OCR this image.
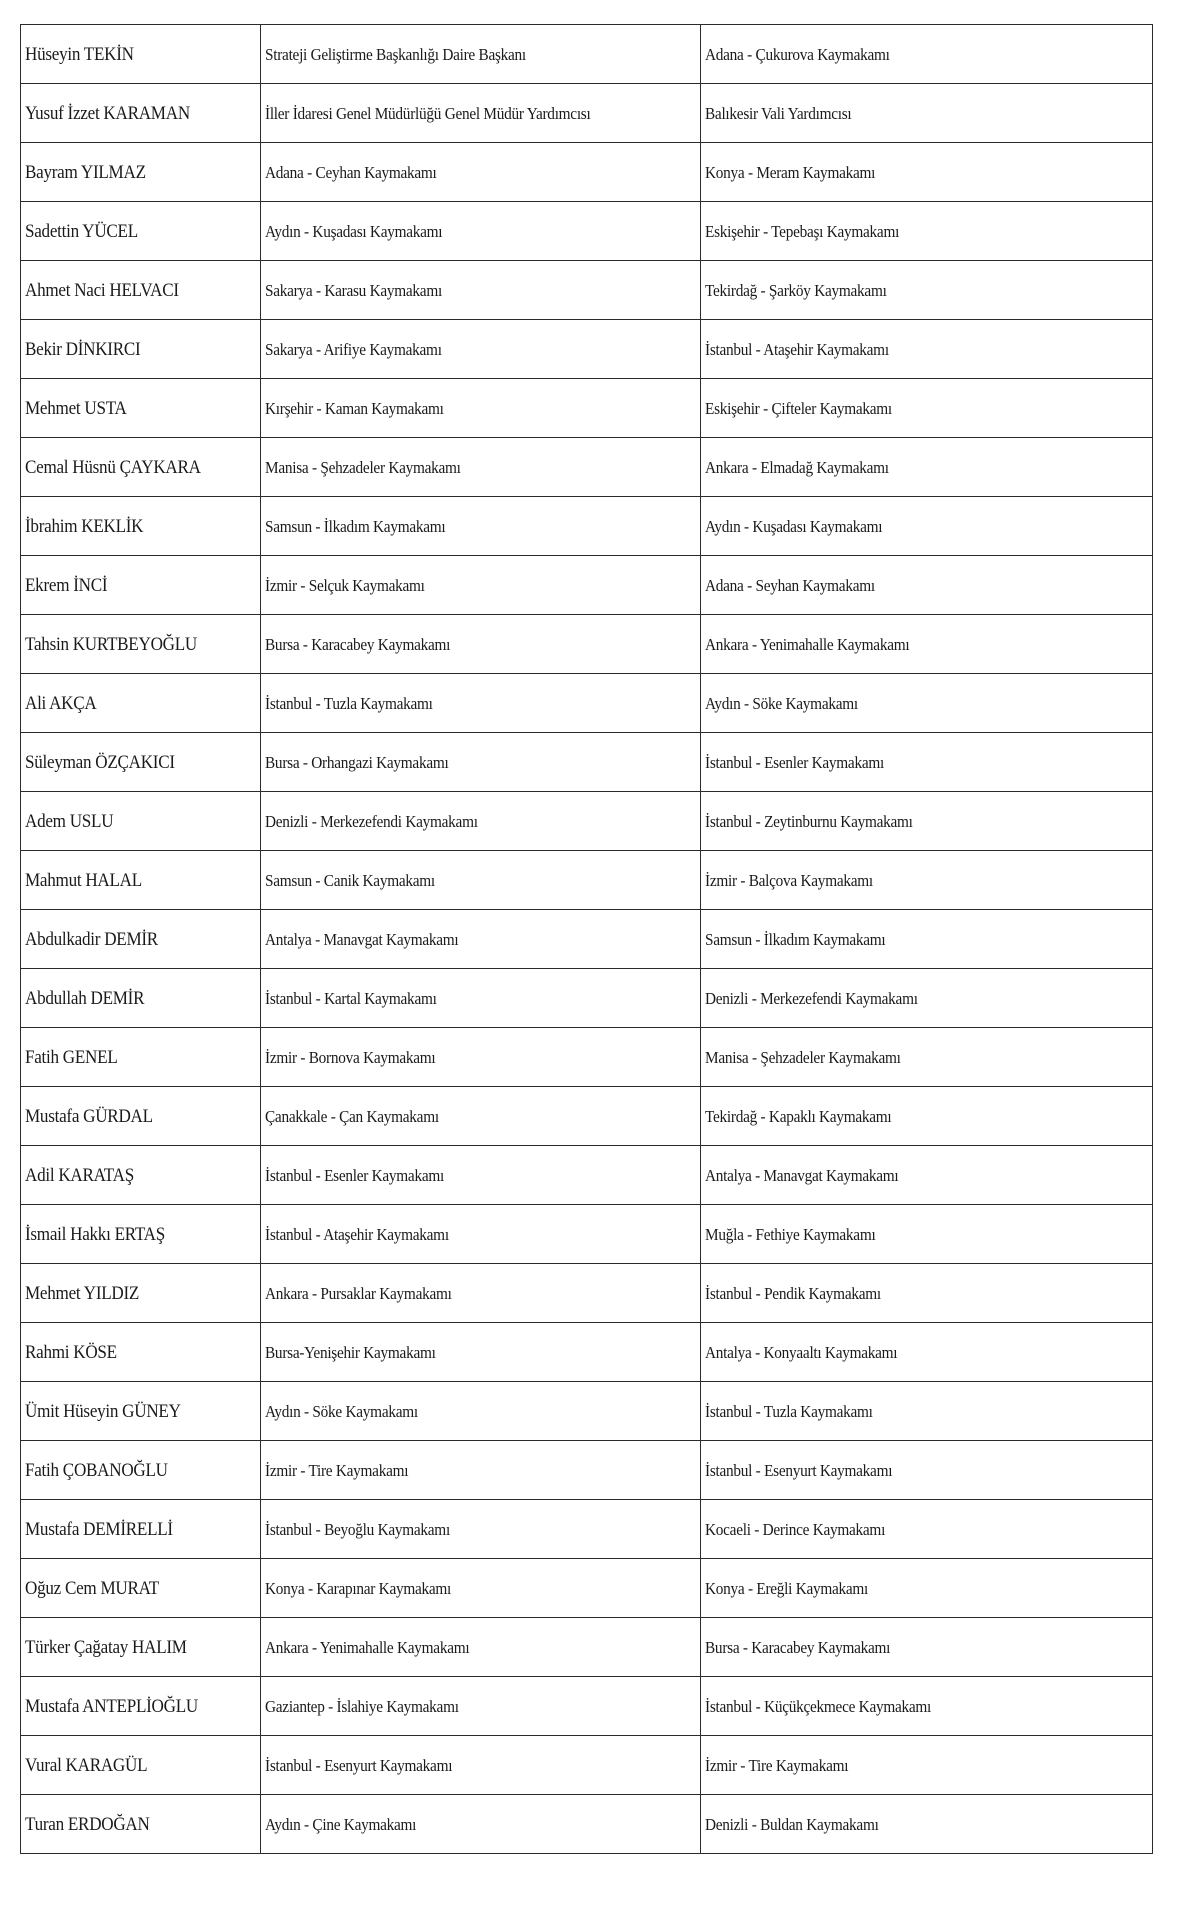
Hüseyin TEKİN	Strateji Geliştirme Başkanlığı Daire Başkanı	Adana - Çukurova Kaymakamı
Yusuf İzzet KARAMAN	İller İdaresi Genel Müdürlüğü Genel Müdür Yardımcısı	Balıkesir Vali Yardımcısı
Bayram YILMAZ	Adana - Ceyhan Kaymakamı	Konya - Meram Kaymakamı
Sadettin YÜCEL	Aydın - Kuşadası Kaymakamı	Eskişehir - Tepebaşı Kaymakamı
Ahmet Naci HELVACI	Sakarya - Karasu Kaymakamı	Tekirdağ - Şarköy Kaymakamı
Bekir DİNKIRCI	Sakarya - Arifiye Kaymakamı	İstanbul - Ataşehir Kaymakamı
Mehmet USTA	Kırşehir - Kaman Kaymakamı	Eskişehir - Çifteler Kaymakamı
Cemal Hüsnü ÇAYKARA	Manisa - Şehzadeler Kaymakamı	Ankara - Elmadağ Kaymakamı
İbrahim KEKLİK	Samsun - İlkadım Kaymakamı	Aydın - Kuşadası Kaymakamı
Ekrem İNCİ	İzmir - Selçuk Kaymakamı	Adana - Seyhan Kaymakamı
Tahsin KURTBEYOĞLU	Bursa - Karacabey Kaymakamı	Ankara - Yenimahalle Kaymakamı
Ali AKÇA	İstanbul - Tuzla Kaymakamı	Aydın - Söke Kaymakamı
Süleyman ÖZÇAKICI	Bursa - Orhangazi Kaymakamı	İstanbul - Esenler Kaymakamı
Adem USLU	Denizli - Merkezefendi Kaymakamı	İstanbul - Zeytinburnu Kaymakamı
Mahmut HALAL	Samsun - Canik Kaymakamı	İzmir - Balçova Kaymakamı
Abdulkadir DEMİR	Antalya - Manavgat Kaymakamı	Samsun - İlkadım Kaymakamı
Abdullah DEMİR	İstanbul - Kartal Kaymakamı	Denizli - Merkezefendi Kaymakamı
Fatih GENEL	İzmir - Bornova Kaymakamı	Manisa - Şehzadeler Kaymakamı
Mustafa GÜRDAL	Çanakkale - Çan Kaymakamı	Tekirdağ - Kapaklı Kaymakamı
Adil KARATAŞ	İstanbul - Esenler Kaymakamı	Antalya - Manavgat Kaymakamı
İsmail Hakkı ERTAŞ	İstanbul - Ataşehir Kaymakamı	Muğla - Fethiye Kaymakamı
Mehmet YILDIZ	Ankara - Pursaklar Kaymakamı	İstanbul - Pendik Kaymakamı
Rahmi KÖSE	Bursa-Yenişehir Kaymakamı	Antalya - Konyaaltı Kaymakamı
Ümit Hüseyin GÜNEY	Aydın - Söke Kaymakamı	İstanbul - Tuzla Kaymakamı
Fatih ÇOBANOĞLU	İzmir - Tire Kaymakamı	İstanbul - Esenyurt Kaymakamı
Mustafa DEMİRELLİ	İstanbul - Beyoğlu Kaymakamı	Kocaeli - Derince Kaymakamı
Oğuz Cem MURAT	Konya - Karapınar Kaymakamı	Konya - Ereğli Kaymakamı
Türker Çağatay HALIM	Ankara - Yenimahalle Kaymakamı	Bursa - Karacabey Kaymakamı
Mustafa ANTEPLİOĞLU	Gaziantep - İslahiye Kaymakamı	İstanbul - Küçükçekmece Kaymakamı
Vural KARAGÜL	İstanbul - Esenyurt Kaymakamı	İzmir - Tire Kaymakamı
Turan ERDOĞAN	Aydın - Çine Kaymakamı	Denizli - Buldan Kaymakamı
